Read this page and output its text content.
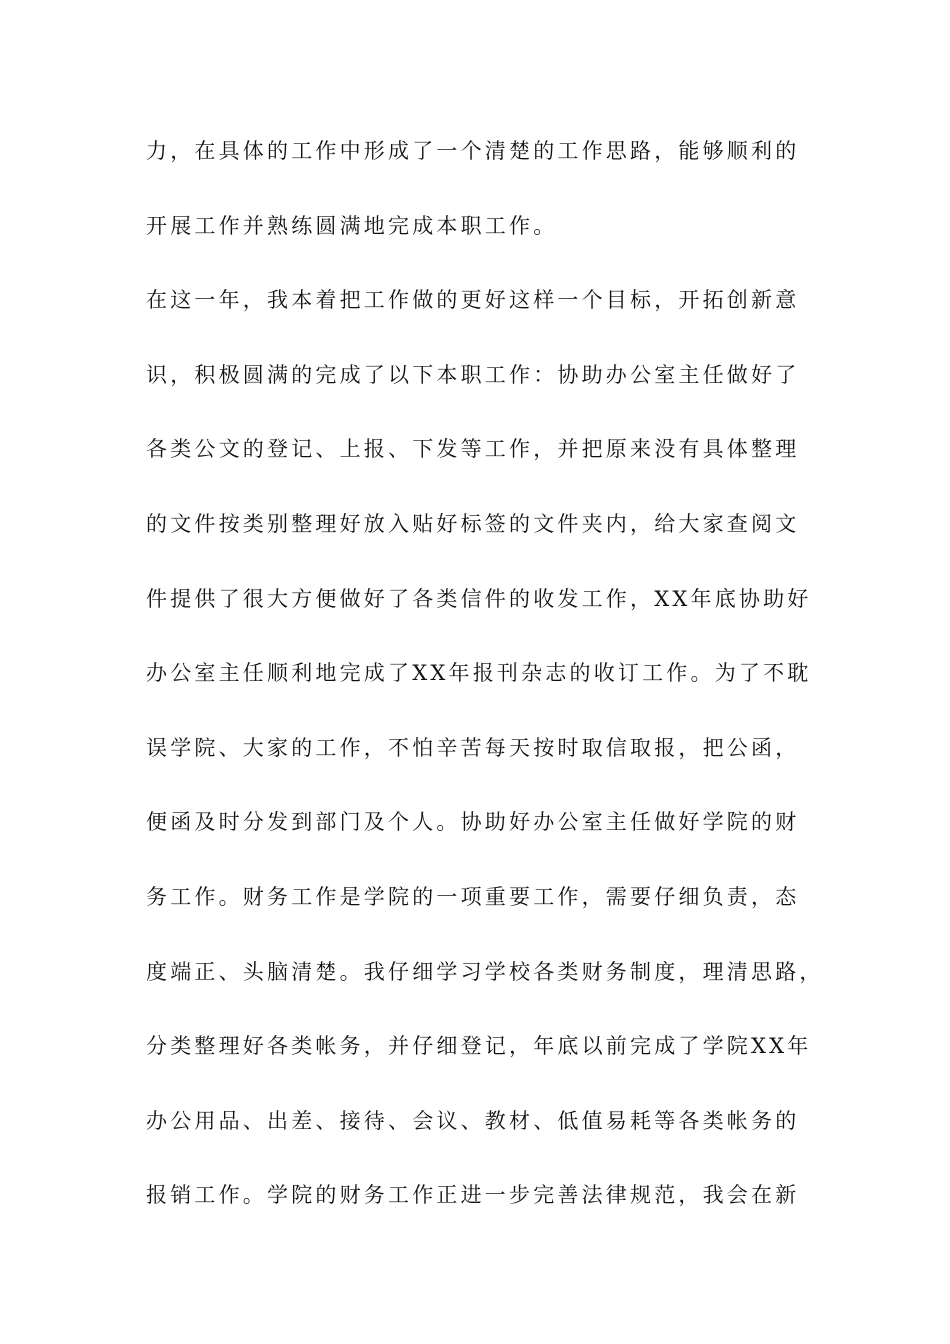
力，在具体的工作中形成了一个清楚的工作思路，能够顺利的
开展工作并熟练圆满地完成本职工作。
在这一年，我本着把工作做的更好这样一个目标，开拓创新意
识，积极圆满的完成了以下本职工作：协助办公室主任做好了
各类公文的登记、上报、下发等工作，并把原来没有具体整理
的文件按类别整理好放入贴好标签的文件夹内，给大家查阅文
件提供了很大方便做好了各类信件的收发工作，XX年底协助好
办公室主任顺利地完成了XX年报刊杂志的收订工作。为了不耽
误学院、大家的工作，不怕辛苦每天按时取信取报，把公函，
便函及时分发到部门及个人。协助好办公室主任做好学院的财
务工作。财务工作是学院的一项重要工作，需要仔细负责，态
度端正、头脑清楚。我仔细学习学校各类财务制度，理清思路，
分类整理好各类帐务，并仔细登记，年底以前完成了学院XX年
办公用品、出差、接待、会议、教材、低值易耗等各类帐务的
报销工作。学院的财务工作正进一步完善法律规范，我会在新
